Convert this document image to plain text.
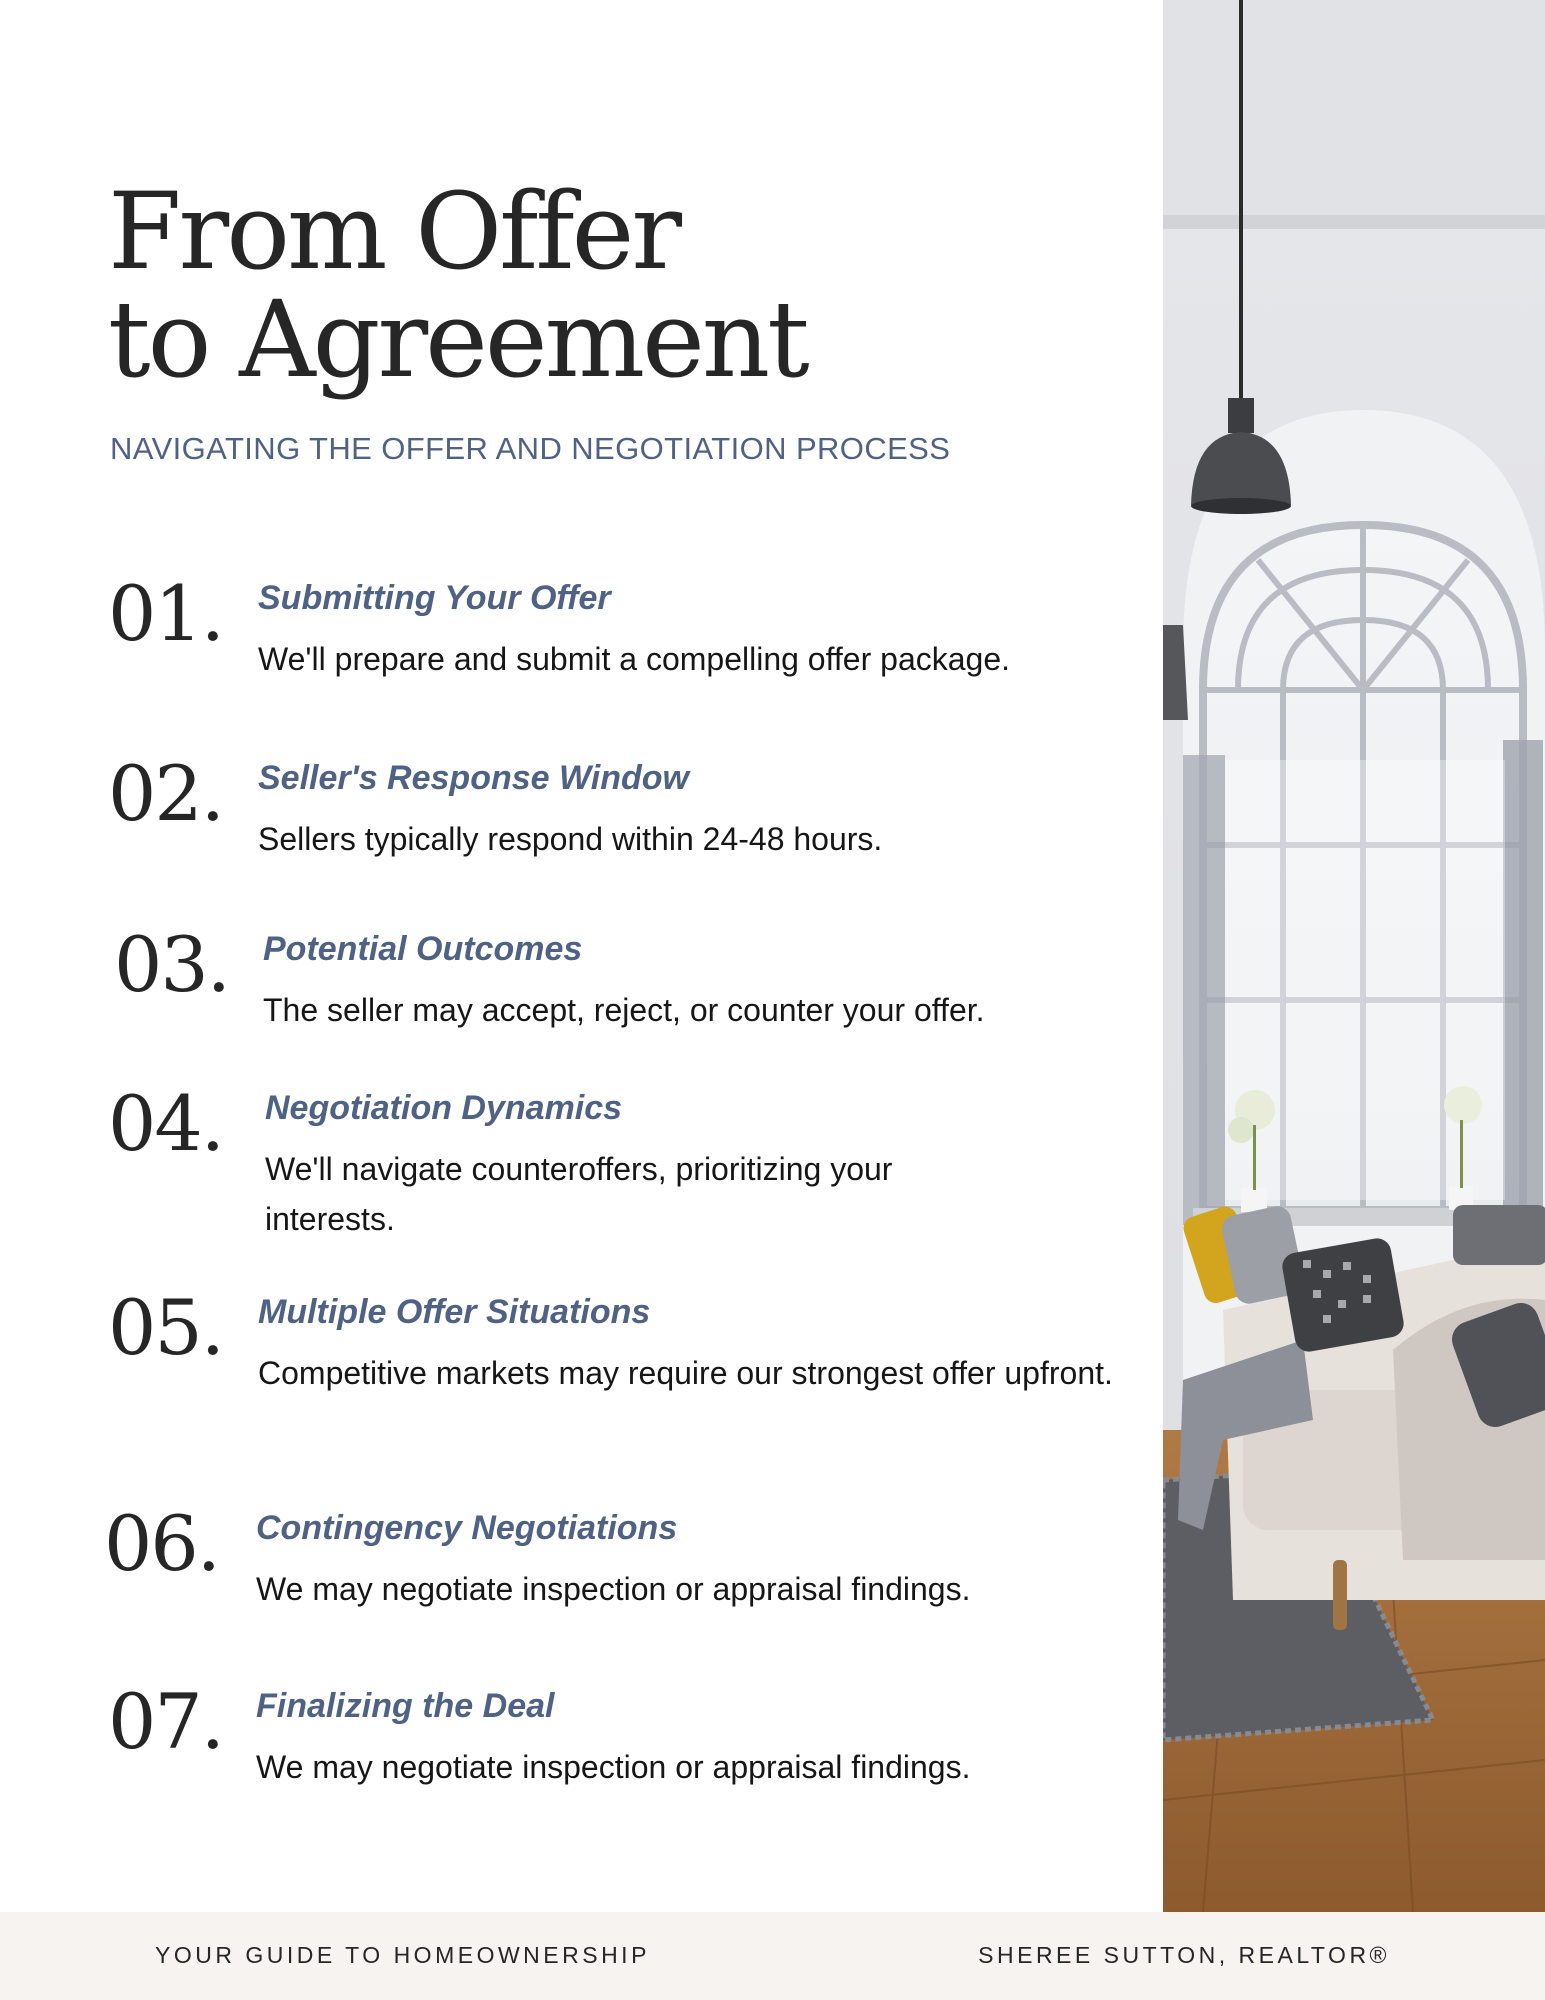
From Offer
to Agreement
NAVIGATING THE OFFER AND NEGOTIATION PROCESS
01. Submitting Your Offer
We'll prepare and submit a compelling offer package.
02. Seller's Response Window
Sellers typically respond within 24-48 hours.
03. Potential Outcomes
The seller may accept, reject, or counter your offer.
04. Negotiation Dynamics
We'll navigate counteroffers, prioritizing your interests.
05. Multiple Offer Situations
Competitive markets may require our strongest offer upfront.
06. Contingency Negotiations
We may negotiate inspection or appraisal findings.
07. Finalizing the Deal
We may negotiate inspection or appraisal findings.
YOUR GUIDE TO HOMEOWNERSHIP	SHEREE SUTTON, REALTOR®
